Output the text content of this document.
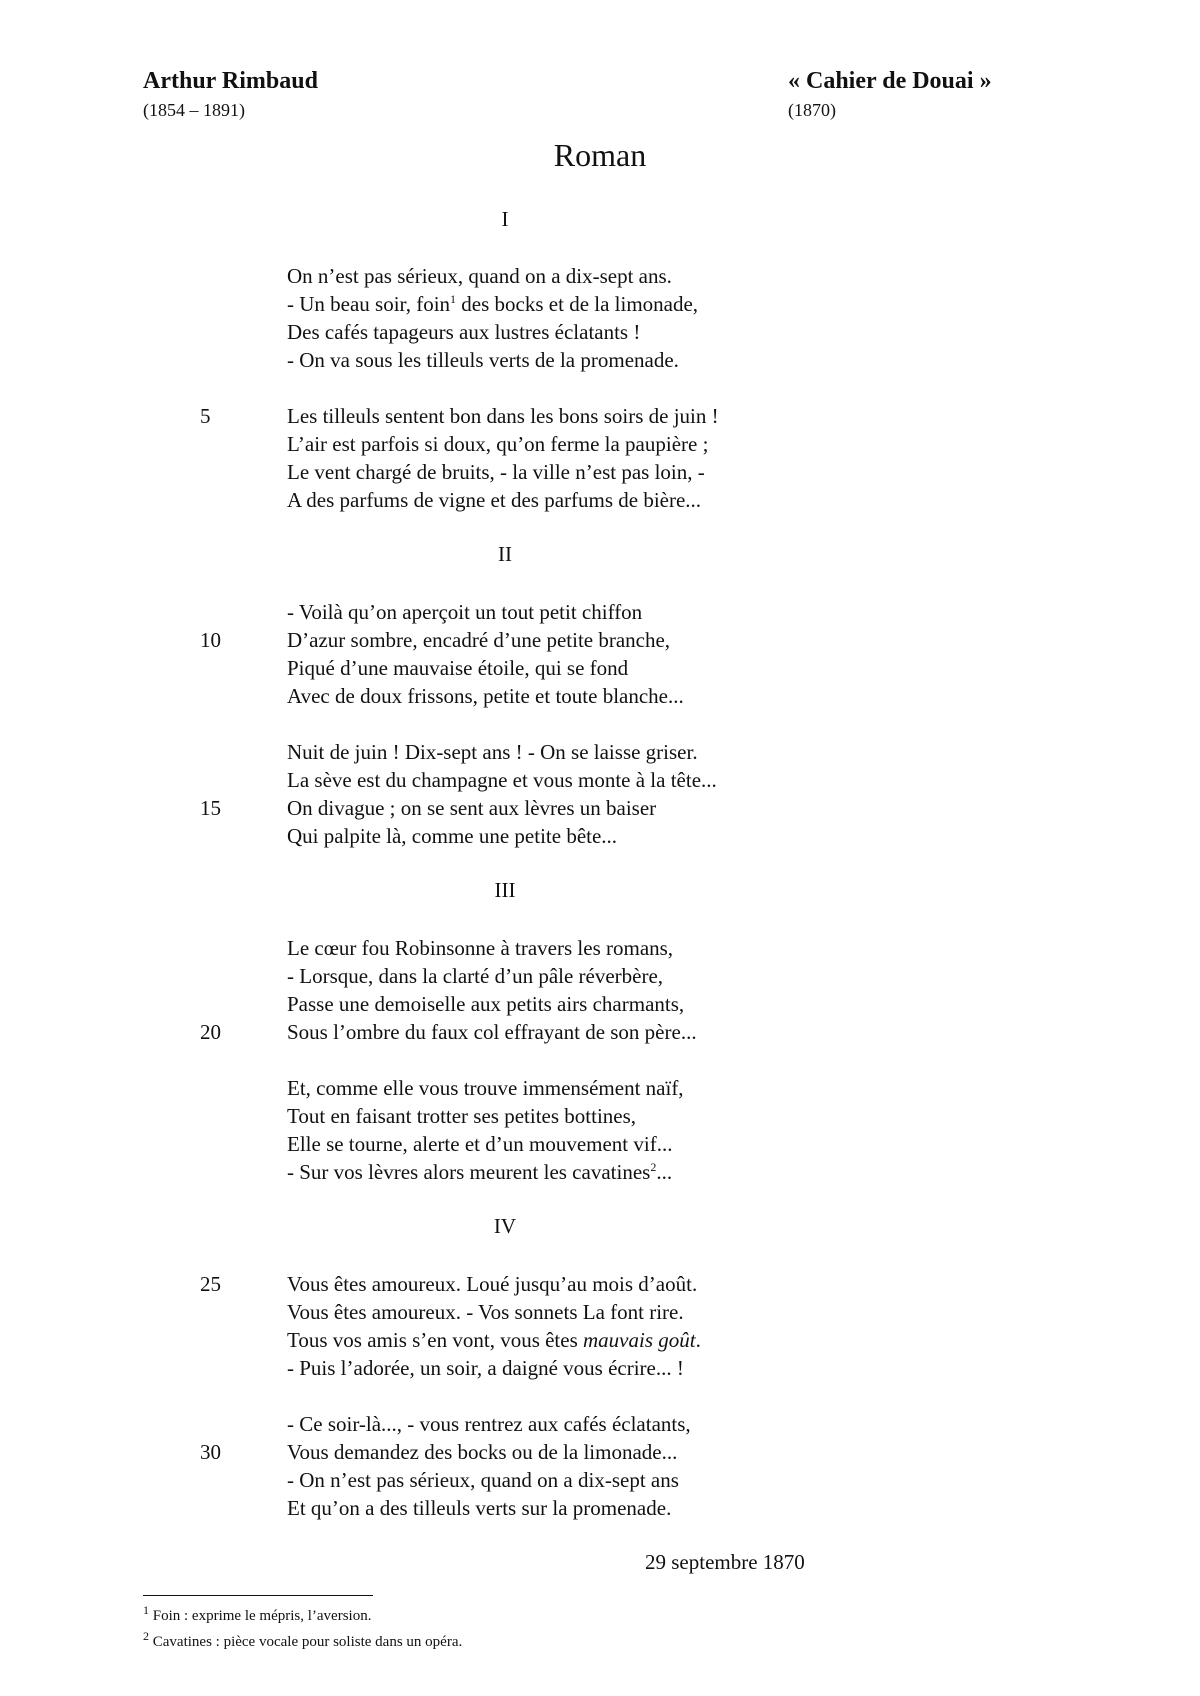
Arthur Rimbaud
(1854 – 1891)
« Cahier de Douai »
(1870)
Roman
I
On n’est pas sérieux, quand on a dix-sept ans.
- Un beau soir, foin$^1$ des bocks et de la limonade,
Des cafés tapageurs aux lustres éclatants !
- On va sous les tilleuls verts de la promenade.
5	Les tilleuls sentent bon dans les bons soirs de juin !
L’air est parfois si doux, qu’on ferme la paupière ;
Le vent chargé de bruits, - la ville n’est pas loin, -
A des parfums de vigne et des parfums de bière...
II
- Voilà qu’on aperçoit un tout petit chiffon
10	D’azur sombre, encadré d’une petite branche,
Piqué d’une mauvaise étoile, qui se fond
Avec de doux frissons, petite et toute blanche...
Nuit de juin ! Dix-sept ans ! - On se laisse griser.
La sève est du champagne et vous monte à la tête...
15	On divague ; on se sent aux lèvres un baiser
Qui palpite là, comme une petite bête...
III
Le cœur fou Robinsonne à travers les romans,
- Lorsque, dans la clarté d’un pâle réverbère,
Passe une demoiselle aux petits airs charmants,
20	Sous l’ombre du faux col effrayant de son père...
Et, comme elle vous trouve immensément naïf,
Tout en faisant trotter ses petites bottines,
Elle se tourne, alerte et d’un mouvement vif...
- Sur vos lèvres alors meurent les cavatines$^2$...
IV
25	Vous êtes amoureux. Loué jusqu’au mois d’août.
Vous êtes amoureux. - Vos sonnets La font rire.
Tous vos amis s’en vont, vous êtes mauvais goût.
- Puis l’adorée, un soir, a daigné vous écrire... !
- Ce soir-là..., - vous rentrez aux cafés éclatants,
30	Vous demandez des bocks ou de la limonade...
- On n’est pas sérieux, quand on a dix-sept ans
Et qu’on a des tilleuls verts sur la promenade.
29 septembre 1870
$^1$ Foin : exprime le mépris, l’aversion.
$^2$ Cavatines : pièce vocale pour soliste dans un opéra.
